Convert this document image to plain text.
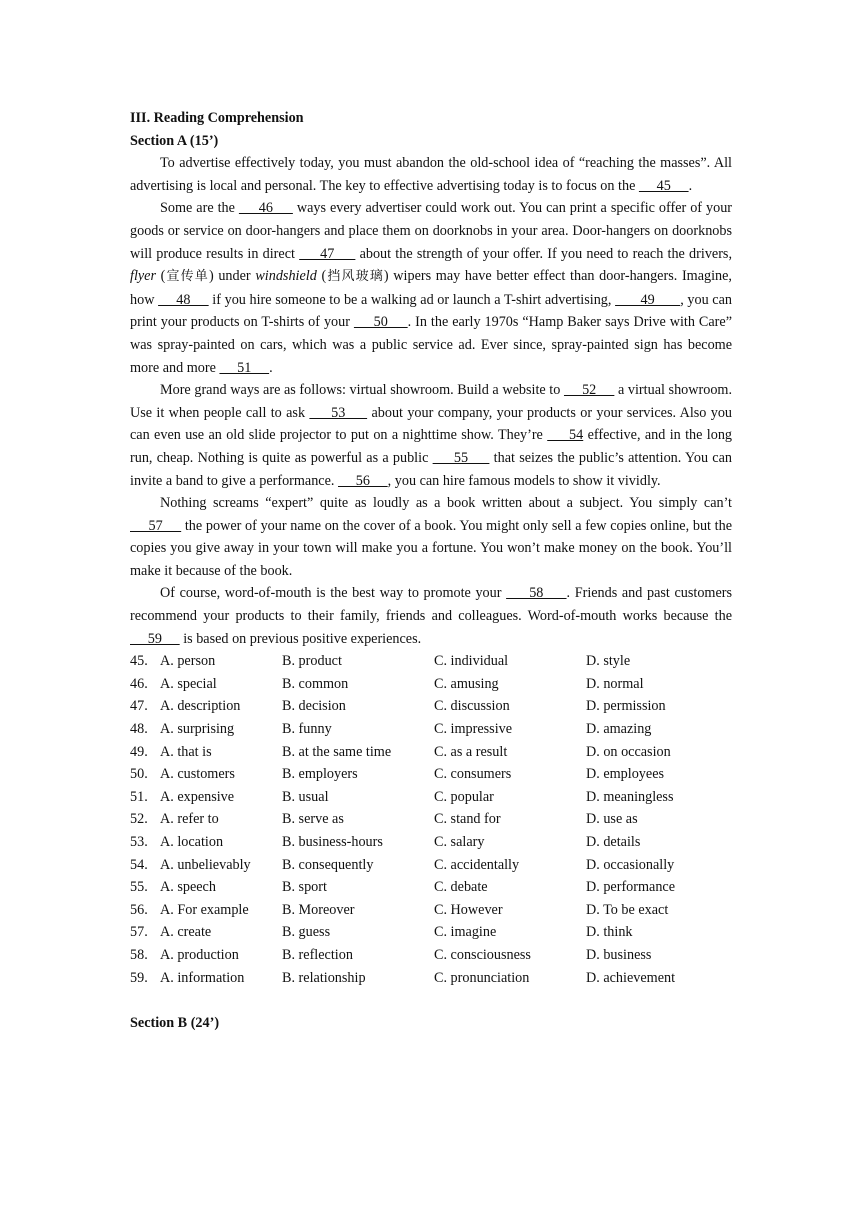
III. Reading Comprehension
Section A (15’)

To advertise effectively today, you must abandon the old-school idea of “reaching the masses”. All advertising is local and personal. The key to effective advertising today is to focus on the      45     .

Some are the      46      ways every advertiser could work out. You can print a specific offer of your goods or service on door-hangers and place them on doorknobs in your area. Door-hangers on doorknobs will produce results in direct      47      about the strength of your offer. If you need to reach the drivers, flyer (宣传单) under windshield (挡风玻璃) wipers may have better effect than door-hangers. Imagine, how      48      if you hire someone to be a walking ad or launch a T-shirt advertising,        49       , you can print your products on T-shirts of your      50     . In the early 1970s “Hamp Baker says Drive with Care” was spray-painted on cars, which was a public service ad. Ever since, spray-painted sign has become more and more      51     .

More grand ways are as follows: virtual showroom. Build a website to      52      a virtual showroom. Use it when people call to ask      53      about your company, your products or your services. Also you can even use an old slide projector to put on a nighttime show. They’re      54 effective, and in the long run, cheap. Nothing is quite as powerful as a public      55      that seizes the public’s attention. You can invite a band to give a performance.      56     , you can hire famous models to show it vividly.

Nothing screams “expert” quite as loudly as a book written about a subject. You simply can’t      57      the power of your name on the cover of a book. You might only sell a few copies online, but the copies you give away in your town will make you a fortune. You won’t make money on the book. You’ll make it because of the book.

Of course, word-of-mouth is the best way to promote your      58     . Friends and past customers recommend your products to their family, friends and colleagues. Word-of-mouth works because the      59      is based on previous positive experiences.

45. A. person	B. product	C. individual	D. style
46. A. special	B. common	C. amusing	D. normal
47. A. description	B. decision	C. discussion	D. permission
48. A. surprising	B. funny	C. impressive	D. amazing
49. A. that is	B. at the same time	C. as a result	D. on occasion
50. A. customers	B. employers	C. consumers	D. employees
51. A. expensive	B. usual	C. popular	D. meaningless
52. A. refer to	B. serve as	C. stand for	D. use as
53. A. location	B. business-hours	C. salary	D. details
54. A. unbelievably	B. consequently	C. accidentally	D. occasionally
55. A. speech	B. sport	C. debate	D. performance
56. A. For example	B. Moreover	C. However	D. To be exact
57. A. create	B. guess	C. imagine	D. think
58. A. production	B. reflection	C. consciousness	D. business
59. A. information	B. relationship	C. pronunciation	D. achievement
Section B (24’)
